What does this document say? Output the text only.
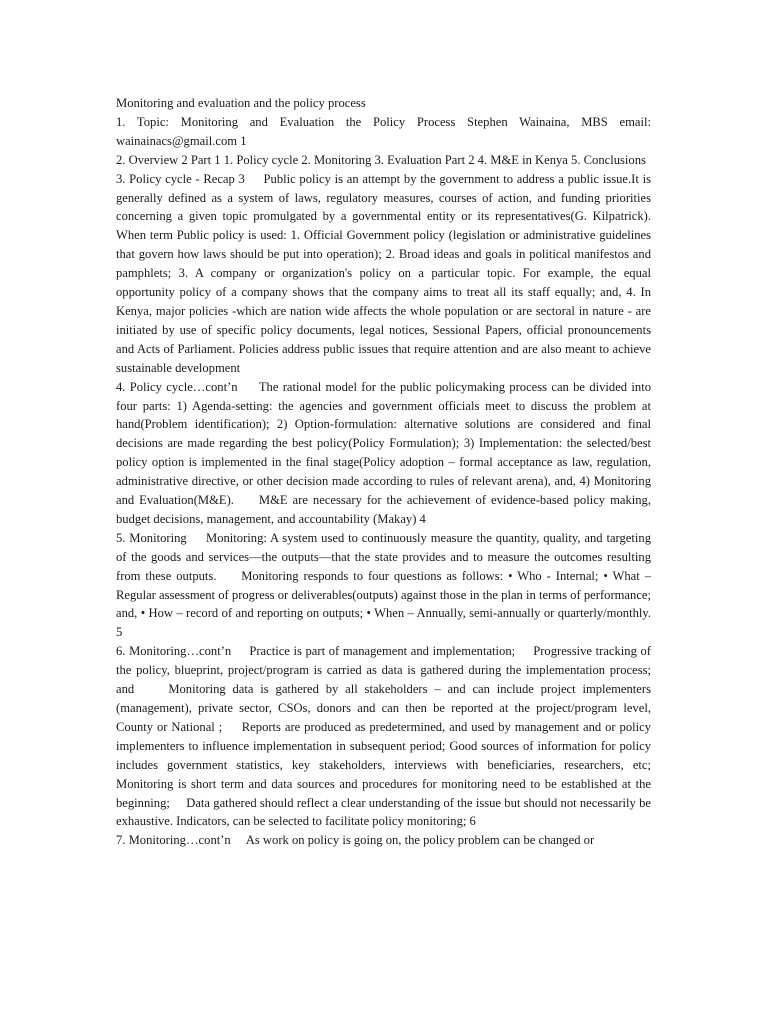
Monitoring and evaluation and the policy process

1. Topic: Monitoring and Evaluation the Policy Process Stephen Wainaina, MBS email: wainainacs@gmail.com 1

2. Overview 2 Part 1 1. Policy cycle 2. Monitoring 3. Evaluation Part 2 4. M&E in Kenya 5. Conclusions

3. Policy cycle - Recap 3     Public policy is an attempt by the government to address a public issue.It is generally defined as a system of laws, regulatory measures, courses of action, and funding priorities concerning a given topic promulgated by a governmental entity or its representatives(G. Kilpatrick).     When term Public policy is used: 1. Official Government policy (legislation or administrative guidelines that govern how laws should be put into operation); 2. Broad ideas and goals in political manifestos and pamphlets; 3. A company or organization's policy on a particular topic. For example, the equal opportunity policy of a company shows that the company aims to treat all its staff equally; and, 4. In Kenya, major policies -which are nation wide affects the whole population or are sectoral in nature - are initiated by use of specific policy documents, legal notices, Sessional Papers, official pronouncements and Acts of Parliament. Policies address public issues that require attention and are also meant to achieve sustainable development

4. Policy cycle…cont’n     The rational model for the public policymaking process can be divided into four parts: 1) Agenda-setting: the agencies and government officials meet to discuss the problem at hand(Problem identification); 2) Option-formulation: alternative solutions are considered and final decisions are made regarding the best policy(Policy Formulation); 3) Implementation: the selected/best policy option is implemented in the final stage(Policy adoption – formal acceptance as law, regulation, administrative directive, or other decision made according to rules of relevant arena), and, 4) Monitoring and Evaluation(M&E).     M&E are necessary for the achievement of evidence-based policy making, budget decisions, management, and accountability (Makay) 4

5. Monitoring     Monitoring: A system used to continuously measure the quantity, quality, and targeting of the goods and services—the outputs—that the state provides and to measure the outcomes resulting from these outputs.     Monitoring responds to four questions as follows: • Who - Internal; • What – Regular assessment of progress or deliverables(outputs) against those in the plan in terms of performance; and, • How – record of and reporting on outputs; • When – Annually, semi-annually or quarterly/monthly. 5

6. Monitoring…cont’n     Practice is part of management and implementation;     Progressive tracking of the policy, blueprint, project/program is carried as data is gathered during the implementation process; and     Monitoring data is gathered by all stakeholders – and can include project implementers (management), private sector, CSOs, donors and can then be reported at the project/program level, County or National ;     Reports are produced as predetermined, and used by management and or policy implementers to influence implementation in subsequent period; Good sources of information for policy includes government statistics, key stakeholders, interviews with beneficiaries, researchers, etc;     Monitoring is short term and data sources and procedures for monitoring need to be established at the beginning;     Data gathered should reflect a clear understanding of the issue but should not necessarily be exhaustive. Indicators, can be selected to facilitate policy monitoring; 6

7. Monitoring…cont’n     As work on policy is going on, the policy problem can be changed or
